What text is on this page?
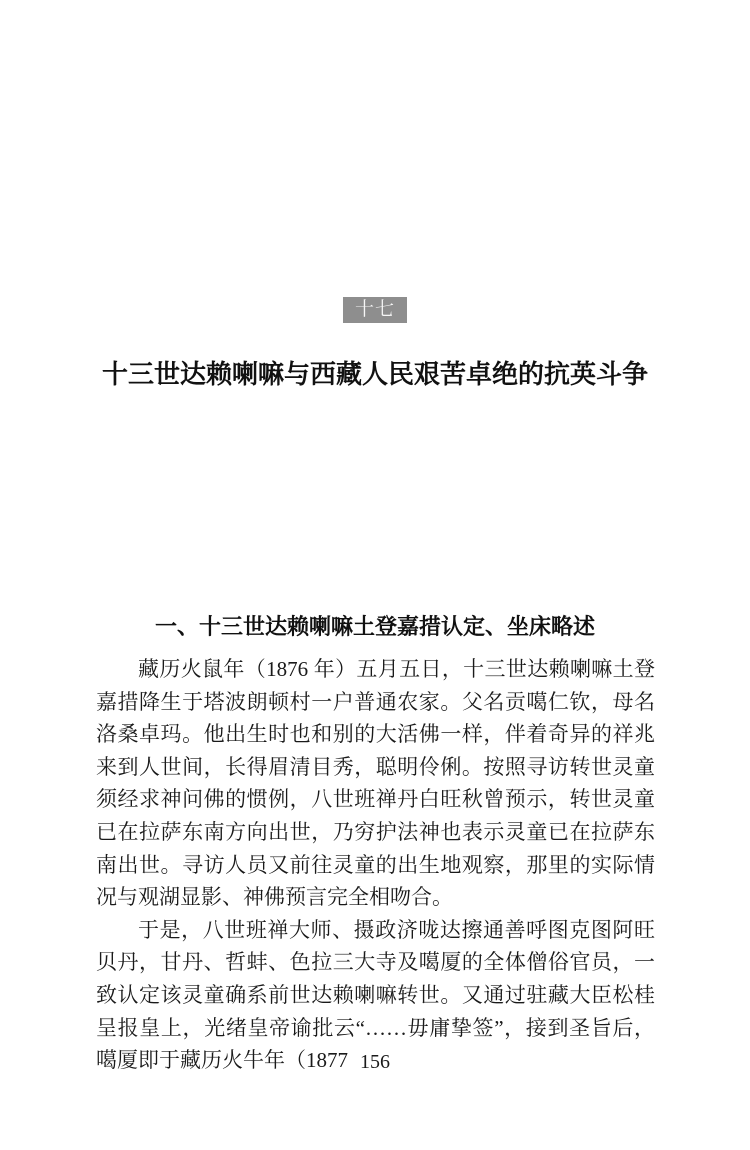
十七
十三世达赖喇嘛与西藏人民艰苦卓绝的抗英斗争
一、十三世达赖喇嘛土登嘉措认定、坐床略述

藏历火鼠年（1876 年）五月五日，十三世达赖喇嘛土登嘉措降生于塔波朗顿村一户普通农家。父名贡噶仁钦，母名洛桑卓玛。他出生时也和别的大活佛一样，伴着奇异的祥兆来到人世间，长得眉清目秀，聪明伶俐。按照寻访转世灵童须经求神问佛的惯例，八世班禅丹白旺秋曾预示，转世灵童已在拉萨东南方向出世，乃穷护法神也表示灵童已在拉萨东南出世。寻访人员又前往灵童的出生地观察，那里的实际情况与观湖显影、神佛预言完全相吻合。

于是，八世班禅大师、摄政济咙达擦通善呼图克图阿旺贝丹，甘丹、哲蚌、色拉三大寺及噶厦的全体僧俗官员，一致认定该灵童确系前世达赖喇嘛转世。又通过驻藏大臣松桂呈报皇上，光绪皇帝谕批云“……毋庸挚签”，接到圣旨后，噶厦即于藏历火牛年（1877 156
